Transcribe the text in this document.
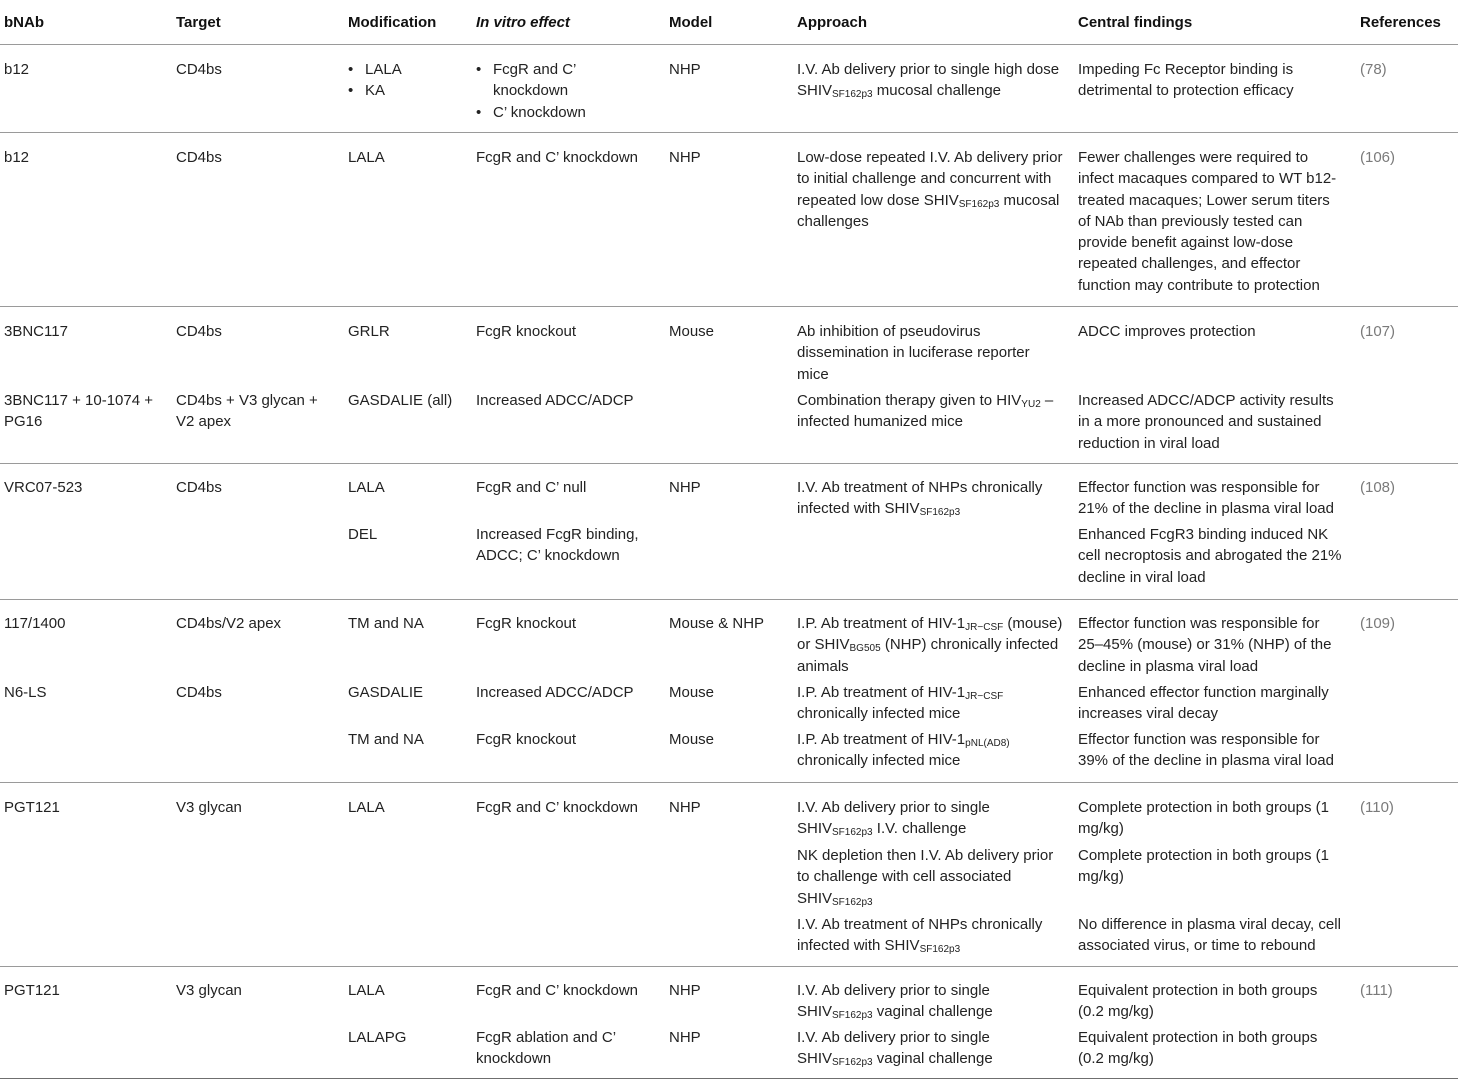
bNAb	Target	Modification	In vitro effect	Model	Approach	Central findings	References
b12	CD4bs
•	LALA
• KA
• FcgR and C’ knockdown
• C’ knockdown
NHP	I.V. Ab delivery prior to single high dose $SHIV_{SF162p3}$ mucosal challenge
Impeding Fc Receptor binding is detrimental to protection efficacy
(78)
b12	CD4bs	LALA	FcgR and C’ knockdown	NHP	Low-dose repeated I.V. Ab delivery prior to initial challenge and concurrent with repeated low dose $SHIV_{SF162p3}$ mucosal challenges
Fewer challenges were required to infect macaques compared to WT b12-treated macaques; Lower serum titers of NAb than previously tested can provide benefit against low-dose repeated challenges, and effector function may contribute to protection
(106)
3BNC117	CD4bs	GRLR	FcgR knockout	Mouse	Ab inhibition of pseudovirus dissemination in luciferase reporter mice
ADCC improves protection	(107)
3BNC117 + 10-1074 + PG16
CD4bs + V3 glycan + V2 apex
GASDALIE (all)	Increased ADCC/ADCP	Combination therapy given to $HIV_{YU2}$ –infected humanized mice
Increased ADCC/ADCP activity results in a more pronounced and sustained reduction in viral load
VRC07-523	CD4bs	LALA	FcgR and C’ null	NHP	I.V. Ab treatment of NHPs chronically infected with $SHIV_{SF162p3}$
Effector function was responsible for 21% of the decline in plasma viral load
(108)
DEL	Increased FcgR binding, ADCC; C’ knockdown
Enhanced FcgR3 binding induced NK cell necroptosis and abrogated the 21% decline in viral load
117/1400	CD4bs/V2 apex	TM and NA	FcgR knockout	Mouse & NHP	I.P. Ab treatment of HIV-$1_{JR-CSF}$ (mouse) or $SHIV_{BG505}$ (NHP) chronically infected animals
Effector function was responsible for 25–45% (mouse) or 31% (NHP) of the decline in plasma viral load
(109)
N6-LS	CD4bs	GASDALIE	Increased ADCC/ADCP	Mouse	I.P. Ab treatment of HIV-$1_{JR-CSF}$ chronically infected mice
Enhanced effector function marginally increases viral decay
TM and NA	FcgR knockout	Mouse	I.P. Ab treatment of HIV-$1_{pNL(AD8)}$ chronically infected mice
Effector function was responsible for 39% of the decline in plasma viral load
PGT121	V3 glycan	LALA	FcgR and C’ knockdown	NHP	I.V. Ab delivery prior to single $SHIV_{SF162p3}$ I.V. challenge
Complete protection in both groups (1 mg/kg)
(110)
NK depletion then I.V. Ab delivery prior to challenge with cell associated $SHIV_{SF162p3}$
Complete protection in both groups (1 mg/kg)
I.V. Ab treatment of NHPs chronically infected with $SHIV_{SF162p3}$
No difference in plasma viral decay, cell associated virus, or time to rebound
PGT121	V3 glycan	LALA	FcgR and C’ knockdown	NHP	I.V. Ab delivery prior to single $SHIV_{SF162p3}$ vaginal challenge
Equivalent protection in both groups (0.2 mg/kg)
(111)
LALAPG	FcgR ablation and C’ knockdown
NHP	I.V. Ab delivery prior to single $SHIV_{SF162p3}$ vaginal challenge
Equivalent protection in both groups (0.2 mg/kg)
